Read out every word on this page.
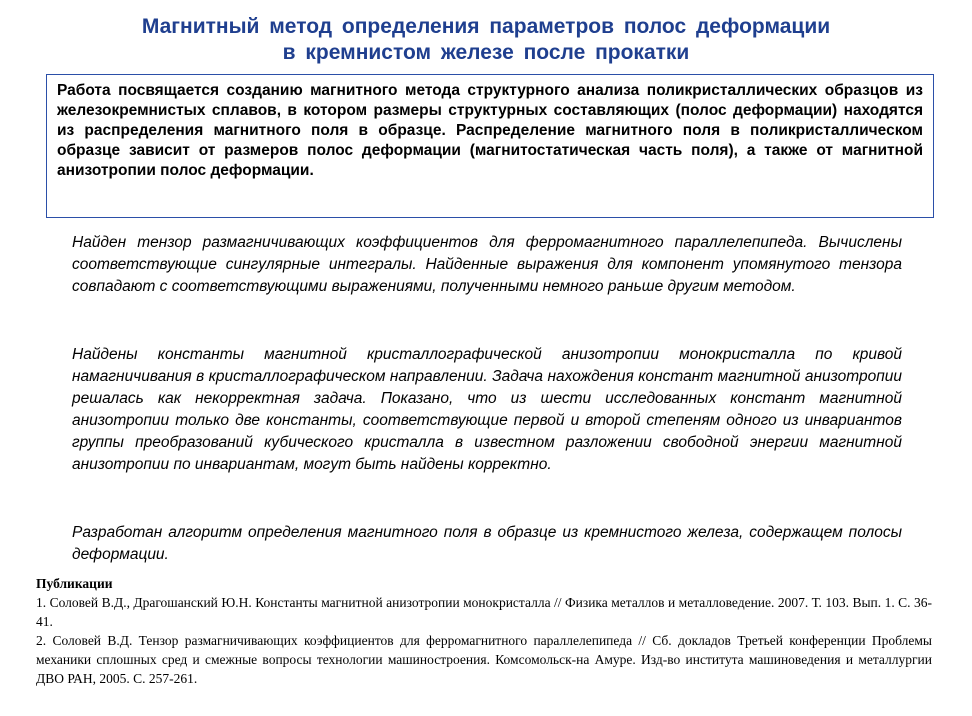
Магнитный метод определения параметров полос деформации
в кремнистом железе после прокатки

Работа посвящается созданию магнитного метода структурного анализа поликристаллических образцов из железокремнистых сплавов, в котором размеры структурных составляющих (полос деформации) находятся из распределения магнитного поля в образце. Распределение магнитного поля в поликристаллическом образце зависит от размеров полос деформации (магнитостатическая часть поля), а также от магнитной анизотропии полос деформации.

Найден тензор размагничивающих коэффициентов для ферромагнитного параллелепипеда. Вычислены соответствующие сингулярные интегралы. Найденные выражения для компонент упомянутого тензора совпадают с соответствующими выражениями, полученными немного раньше другим методом.

Найдены константы магнитной кристаллографической анизотропии монокристалла по кривой намагничивания в кристаллографическом направлении. Задача нахождения констант магнитной анизотропии решалась как некорректная задача. Показано, что из шести исследованных констант магнитной анизотропии только две константы, соответствующие первой и второй степеням одного из инвариантов группы преобразований кубического кристалла в известном разложении свободной энергии магнитной анизотропии по инвариантам, могут быть найдены корректно.

Разработан алгоритм определения магнитного поля в образце из кремнистого железа, содержащем полосы деформации.

Публикации

1. Соловей В.Д., Драгошанский Ю.Н. Константы магнитной анизотропии монокристалла // Физика металлов и металловедение. 2007. Т. 103. Вып. 1. С. 36-41.

2. Соловей В.Д. Тензор размагничивающих коэффициентов для ферромагнитного параллелепипеда // Сб. докладов Третьей конференции Проблемы механики сплошных сред и смежные вопросы технологии машиностроения. Комсомольск-на Амуре. Изд-во института машиноведения и металлургии ДВО РАН, 2005. С. 257-261.
